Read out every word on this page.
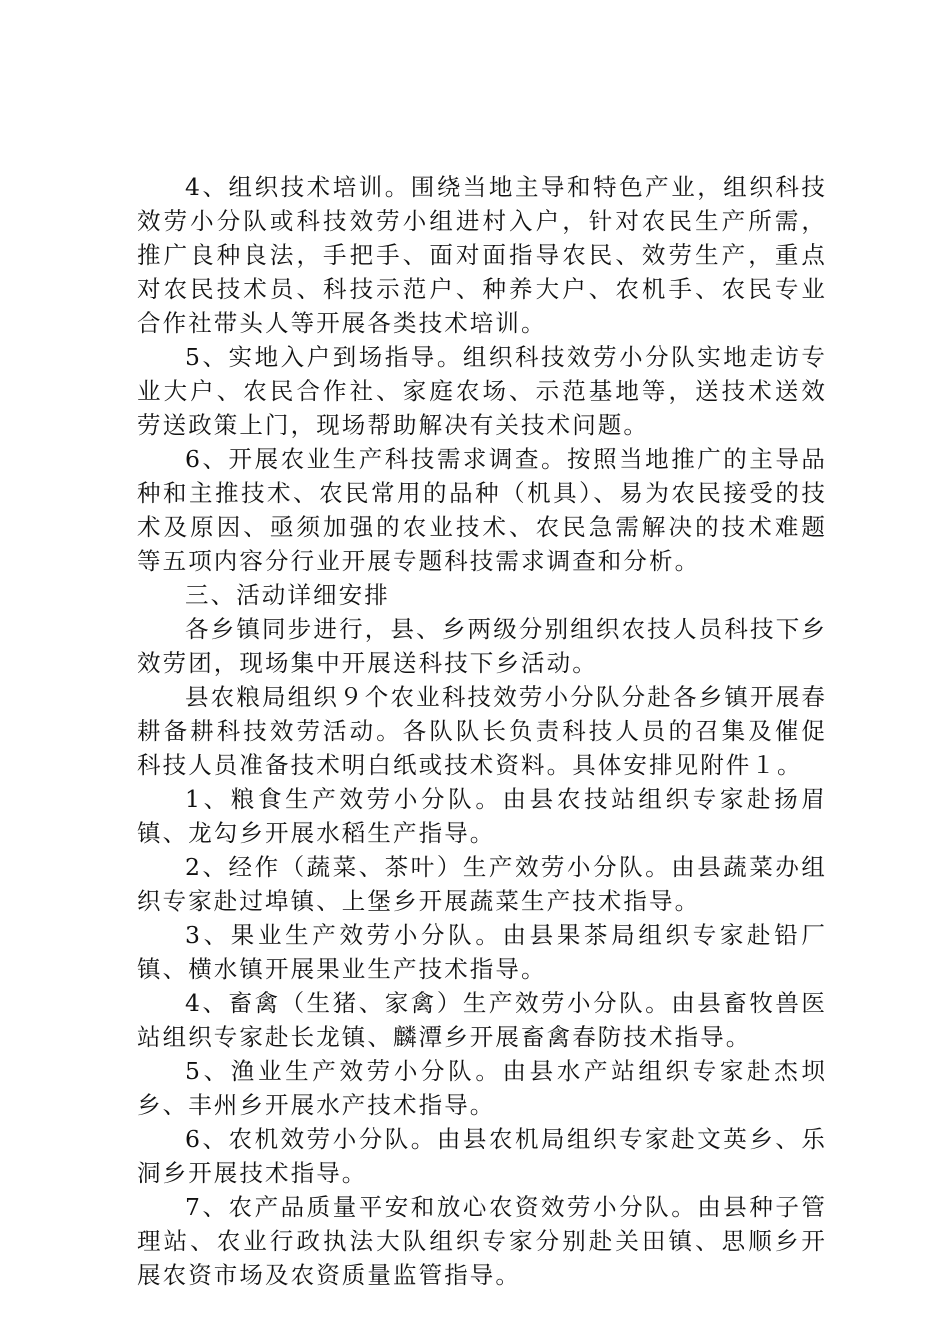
4、组织技术培训。围绕当地主导和特色产业，组织科技效劳小分队或科技效劳小组进村入户，针对农民生产所需，推广良种良法，手把手、面对面指导农民、效劳生产，重点对农民技术员、科技示范户、种养大户、农机手、农民专业合作社带头人等开展各类技术培训。

5、实地入户到场指导。组织科技效劳小分队实地走访专业大户、农民合作社、家庭农场、示范基地等，送技术送效劳送政策上门，现场帮助解决有关技术问题。

6、开展农业生产科技需求调查。按照当地推广的主导品种和主推技术、农民常用的品种（机具）、易为农民接受的技术及原因、亟须加强的农业技术、农民急需解决的技术难题等五项内容分行业开展专题科技需求调查和分析。

三、活动详细安排

各乡镇同步进行，县、乡两级分别组织农技人员科技下乡效劳团，现场集中开展送科技下乡活动。

县农粮局组织９个农业科技效劳小分队分赴各乡镇开展春耕备耕科技效劳活动。各队队长负责科技人员的召集及催促科技人员准备技术明白纸或技术资料。具体安排见附件１。

1、粮食生产效劳小分队。由县农技站组织专家赴扬眉镇、龙勾乡开展水稻生产指导。

2、经作（蔬菜、茶叶）生产效劳小分队。由县蔬菜办组织专家赴过埠镇、上堡乡开展蔬菜生产技术指导。

3、果业生产效劳小分队。由县果茶局组织专家赴铅厂镇、横水镇开展果业生产技术指导。

4、畜禽（生猪、家禽）生产效劳小分队。由县畜牧兽医站组织专家赴长龙镇、麟潭乡开展畜禽春防技术指导。

5、渔业生产效劳小分队。由县水产站组织专家赴杰坝乡、丰州乡开展水产技术指导。

6、农机效劳小分队。由县农机局组织专家赴文英乡、乐洞乡开展技术指导。

7、农产品质量平安和放心农资效劳小分队。由县种子管理站、农业行政执法大队组织专家分别赴关田镇、思顺乡开展农资市场及农资质量监管指导。
